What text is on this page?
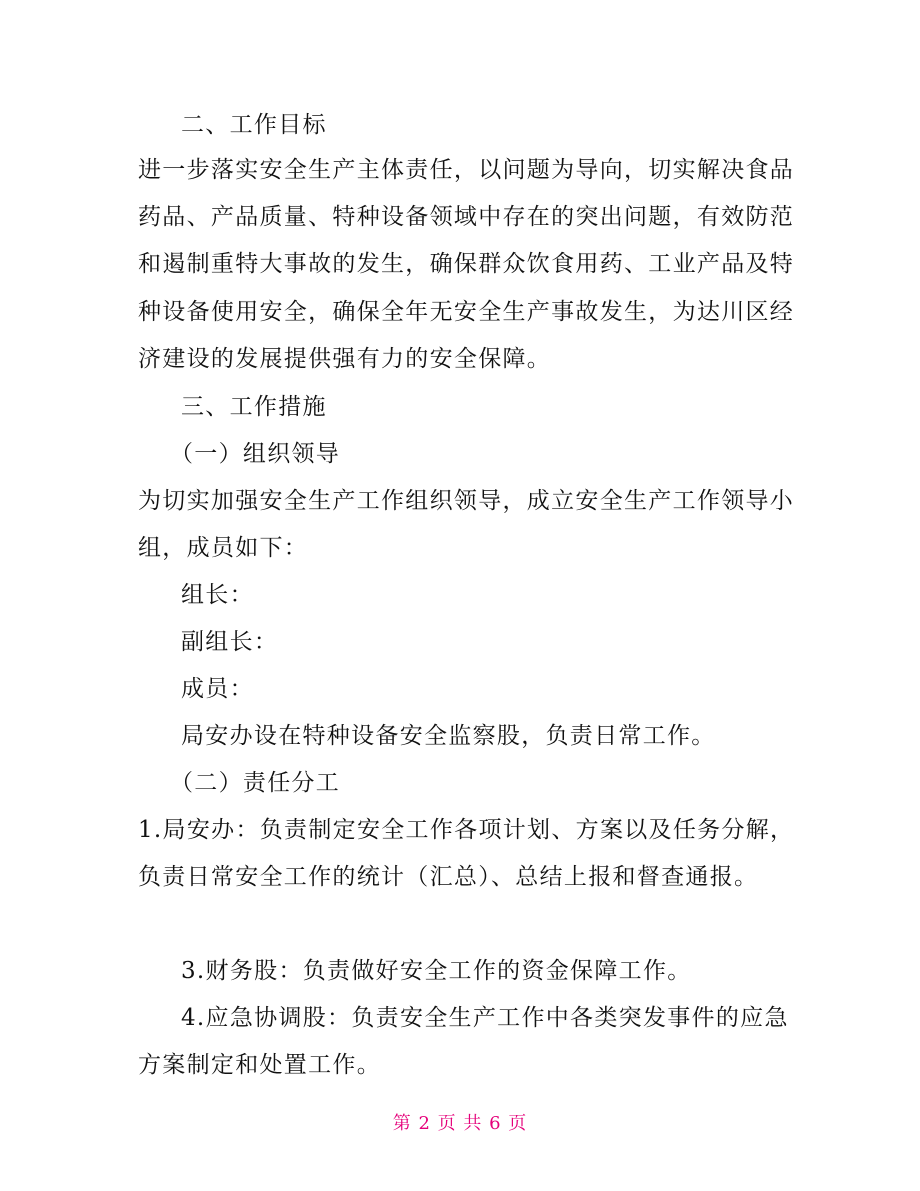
二、工作目标
进一步落实安全生产主体责任，以问题为导向，切实解决食品
药品、产品质量、特种设备领域中存在的突出问题，有效防范
和遏制重特大事故的发生，确保群众饮食用药、工业产品及特
种设备使用安全，确保全年无安全生产事故发生，为达川区经
济建设的发展提供强有力的安全保障。
三、工作措施
（一）组织领导
为切实加强安全生产工作组织领导，成立安全生产工作领导小
组，成员如下：
组长：
副组长：
成员：
局安办设在特种设备安全监察股，负责日常工作。
（二）责任分工
1.局安办：负责制定安全工作各项计划、方案以及任务分解，
负责日常安全工作的统计（汇总）、总结上报和督查通报。
3.财务股：负责做好安全工作的资金保障工作。
4.应急协调股：负责安全生产工作中各类突发事件的应急
方案制定和处置工作。
第 2 页 共 6 页
